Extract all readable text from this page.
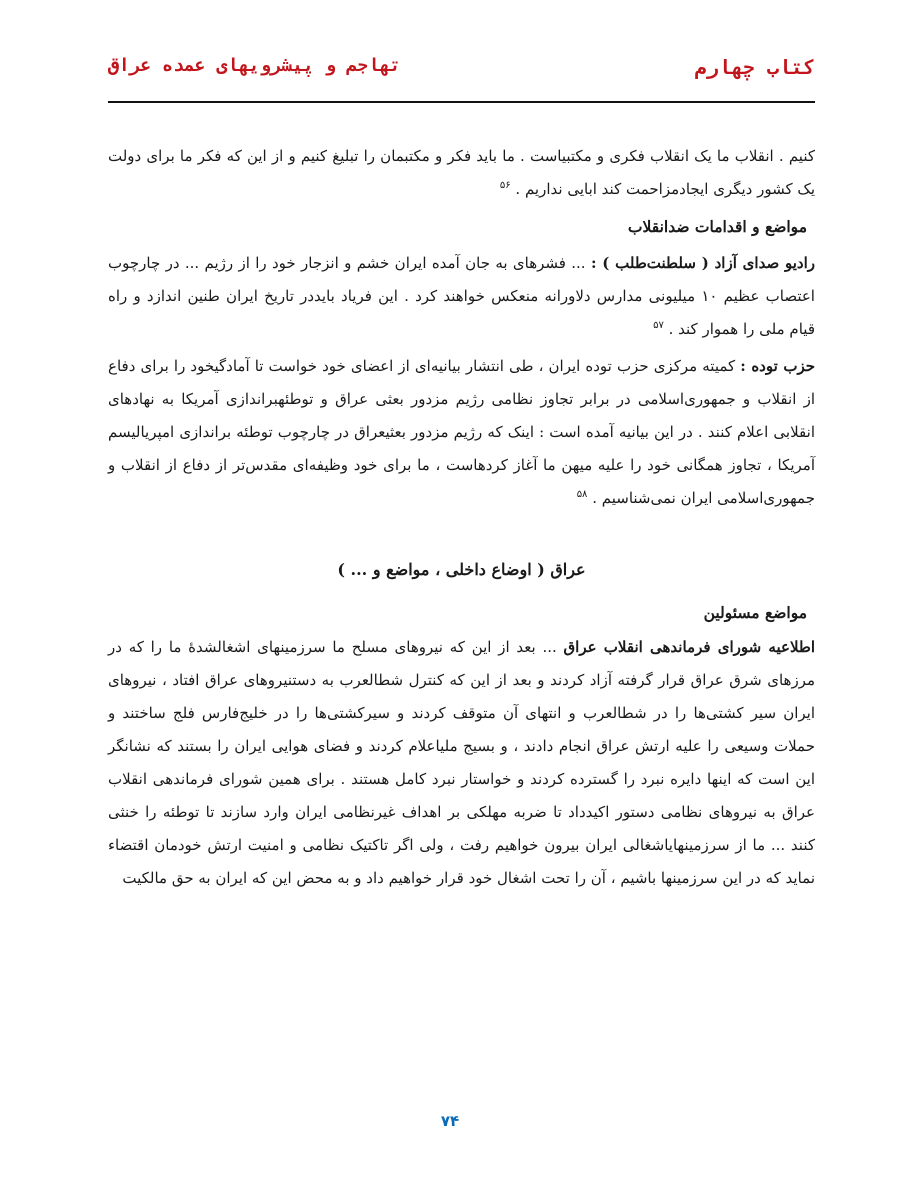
کتاب چهارم
تهاجم و پیشرویهای عمده عراق

کنیم . انقلاب ما یک انقلاب فکری و مکتبیاست . ما باید فکر و مکتبمان را تبلیغ کنیم و از این که فکر ما برای دولت یک کشور دیگری ایجادمزاحمت کند ابایی نداریم . $^{۵۶}$

مواضع و اقدامات ضدانقلاب

رادیو صدای آزاد ( سلطنت‌طلب ) : ... فشرهای به جان آمده ایران خشم و انزجار خود را از رژیم ... در چارچوب اعتصاب عظیم ۱۰ میلیونی مدارس دلاورانه منعکس خواهند کرد . این فریاد بایددر تاریخ ایران طنین اندازد و راه قیام ملی را هموار کند . $^{۵۷}$

حزب توده : کمیته مرکزی حزب توده ایران ، طی انتشار بیانیه‌ای از اعضای خود خواست تا آمادگیخود را برای دفاع از انقلاب و جمهوری‌اسلامی در برابر تجاوز نظامی رژیم مزدور بعثی عراق و توطئهبراندازی آمریکا به نهادهای انقلابی اعلام کنند . در این بیانیه آمده است : اینک که رژیم مزدور بعثیعراق در چارچوب توطئه براندازی امپریالیسم آمریکا ، تجاوز همگانی خود را علیه میهن ما آغاز کردهاست ، ما برای خود وظیفه‌ای مقدس‌تر از دفاع از انقلاب و جمهوری‌اسلامی ایران نمی‌شناسیم . $^{۵۸}$

عراق ( اوضاع داخلی ، مواضع و ... )
مواضع مسئولین

اطلاعیه شورای فرماندهی انقلاب عراق ... بعد از این که نیروهای مسلح ما سرزمینهای اشغالشدهٔ ما را که در مرزهای شرق عراق قرار گرفته آزاد کردند و بعد از این که کنترل شطالعرب به دستنیروهای عراق افتاد ، نیروهای ایران سیر کشتی‌ها را در شطالعرب و انتهای آن متوقف کردند و سیرکشتی‌ها را در خلیج‌فارس فلج ساختند و حملات وسیعی را علیه ارتش عراق انجام دادند ، و بسیج ملیاعلام کردند و فضای هوایی ایران را بستند که نشانگر این است که اینها دایره نبرد را گسترده کردند و خواستار نبرد کامل هستند . برای همین شورای فرماندهی انقلاب عراق به نیروهای نظامی دستور اکیدداد تا ضربه مهلکی بر اهداف غیرنظامی ایران وارد سازند تا توطئه را خنثی کنند ... ما از سرزمینهایاشغالی ایران بیرون خواهیم رفت ، ولی اگر تاکتیک نظامی و امنیت ارتش خودمان اقتضاء نماید که در این سرزمینها باشیم ، آن را تحت اشغال خود قرار خواهیم داد و به محض این که ایران به حق مالکیت

۷۴
